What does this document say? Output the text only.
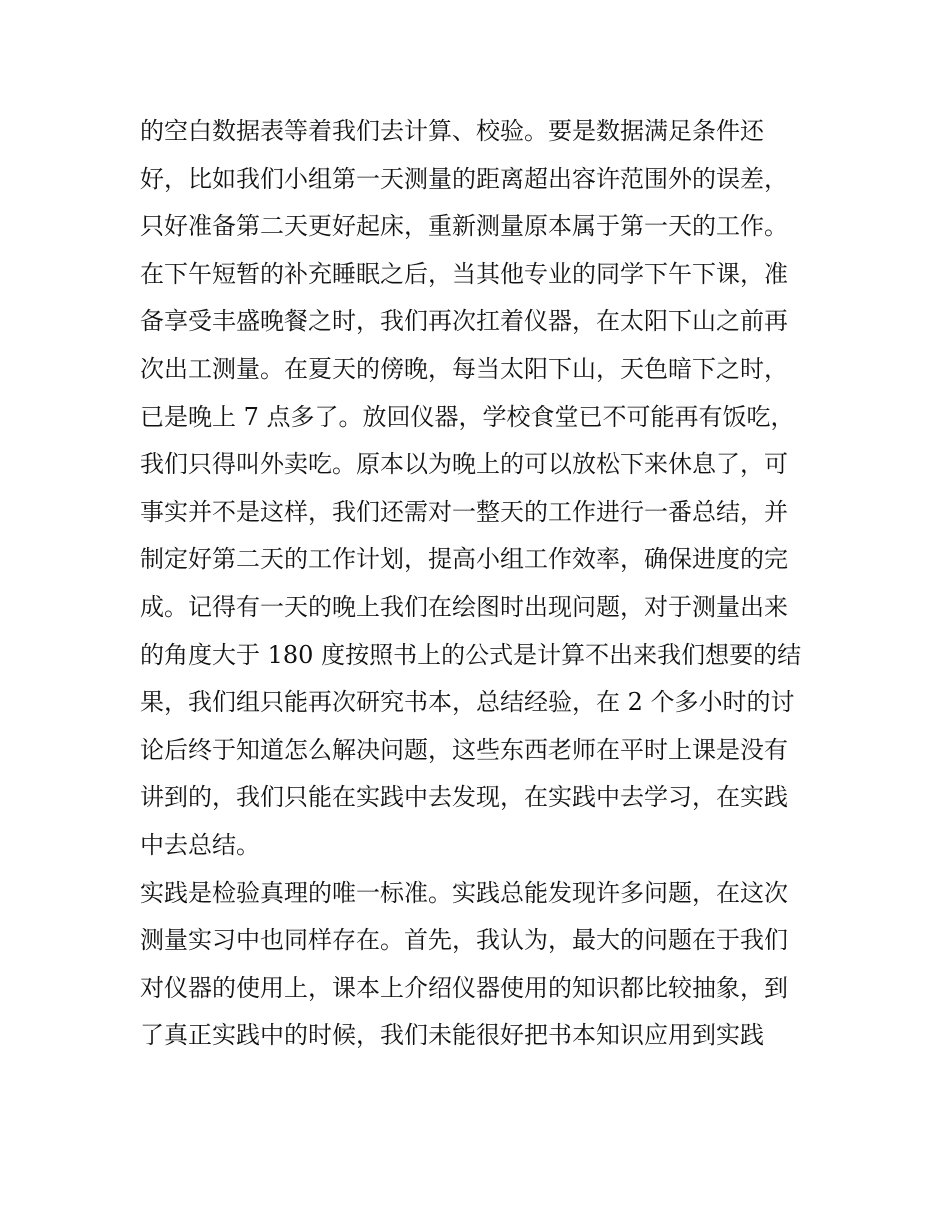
的空白数据表等着我们去计算、校验。要是数据满足条件还
好，比如我们小组第一天测量的距离超出容许范围外的误差，
只好准备第二天更好起床，重新测量原本属于第一天的工作。
在下午短暂的补充睡眠之后，当其他专业的同学下午下课，准
备享受丰盛晚餐之时，我们再次扛着仪器，在太阳下山之前再
次出工测量。在夏天的傍晚，每当太阳下山，天色暗下之时，
已是晚上 7 点多了。放回仪器，学校食堂已不可能再有饭吃，
我们只得叫外卖吃。原本以为晚上的可以放松下来休息了，可
事实并不是这样，我们还需对一整天的工作进行一番总结，并
制定好第二天的工作计划，提高小组工作效率，确保进度的完
成。记得有一天的晚上我们在绘图时出现问题，对于测量出来
的角度大于 180 度按照书上的公式是计算不出来我们想要的结
果，我们组只能再次研究书本，总结经验，在 2 个多小时的讨
论后终于知道怎么解决问题，这些东西老师在平时上课是没有
讲到的，我们只能在实践中去发现，在实践中去学习，在实践
中去总结。
实践是检验真理的唯一标准。实践总能发现许多问题，在这次
测量实习中也同样存在。首先，我认为，最大的问题在于我们
对仪器的使用上，课本上介绍仪器使用的知识都比较抽象，到
了真正实践中的时候，我们未能很好把书本知识应用到实践
